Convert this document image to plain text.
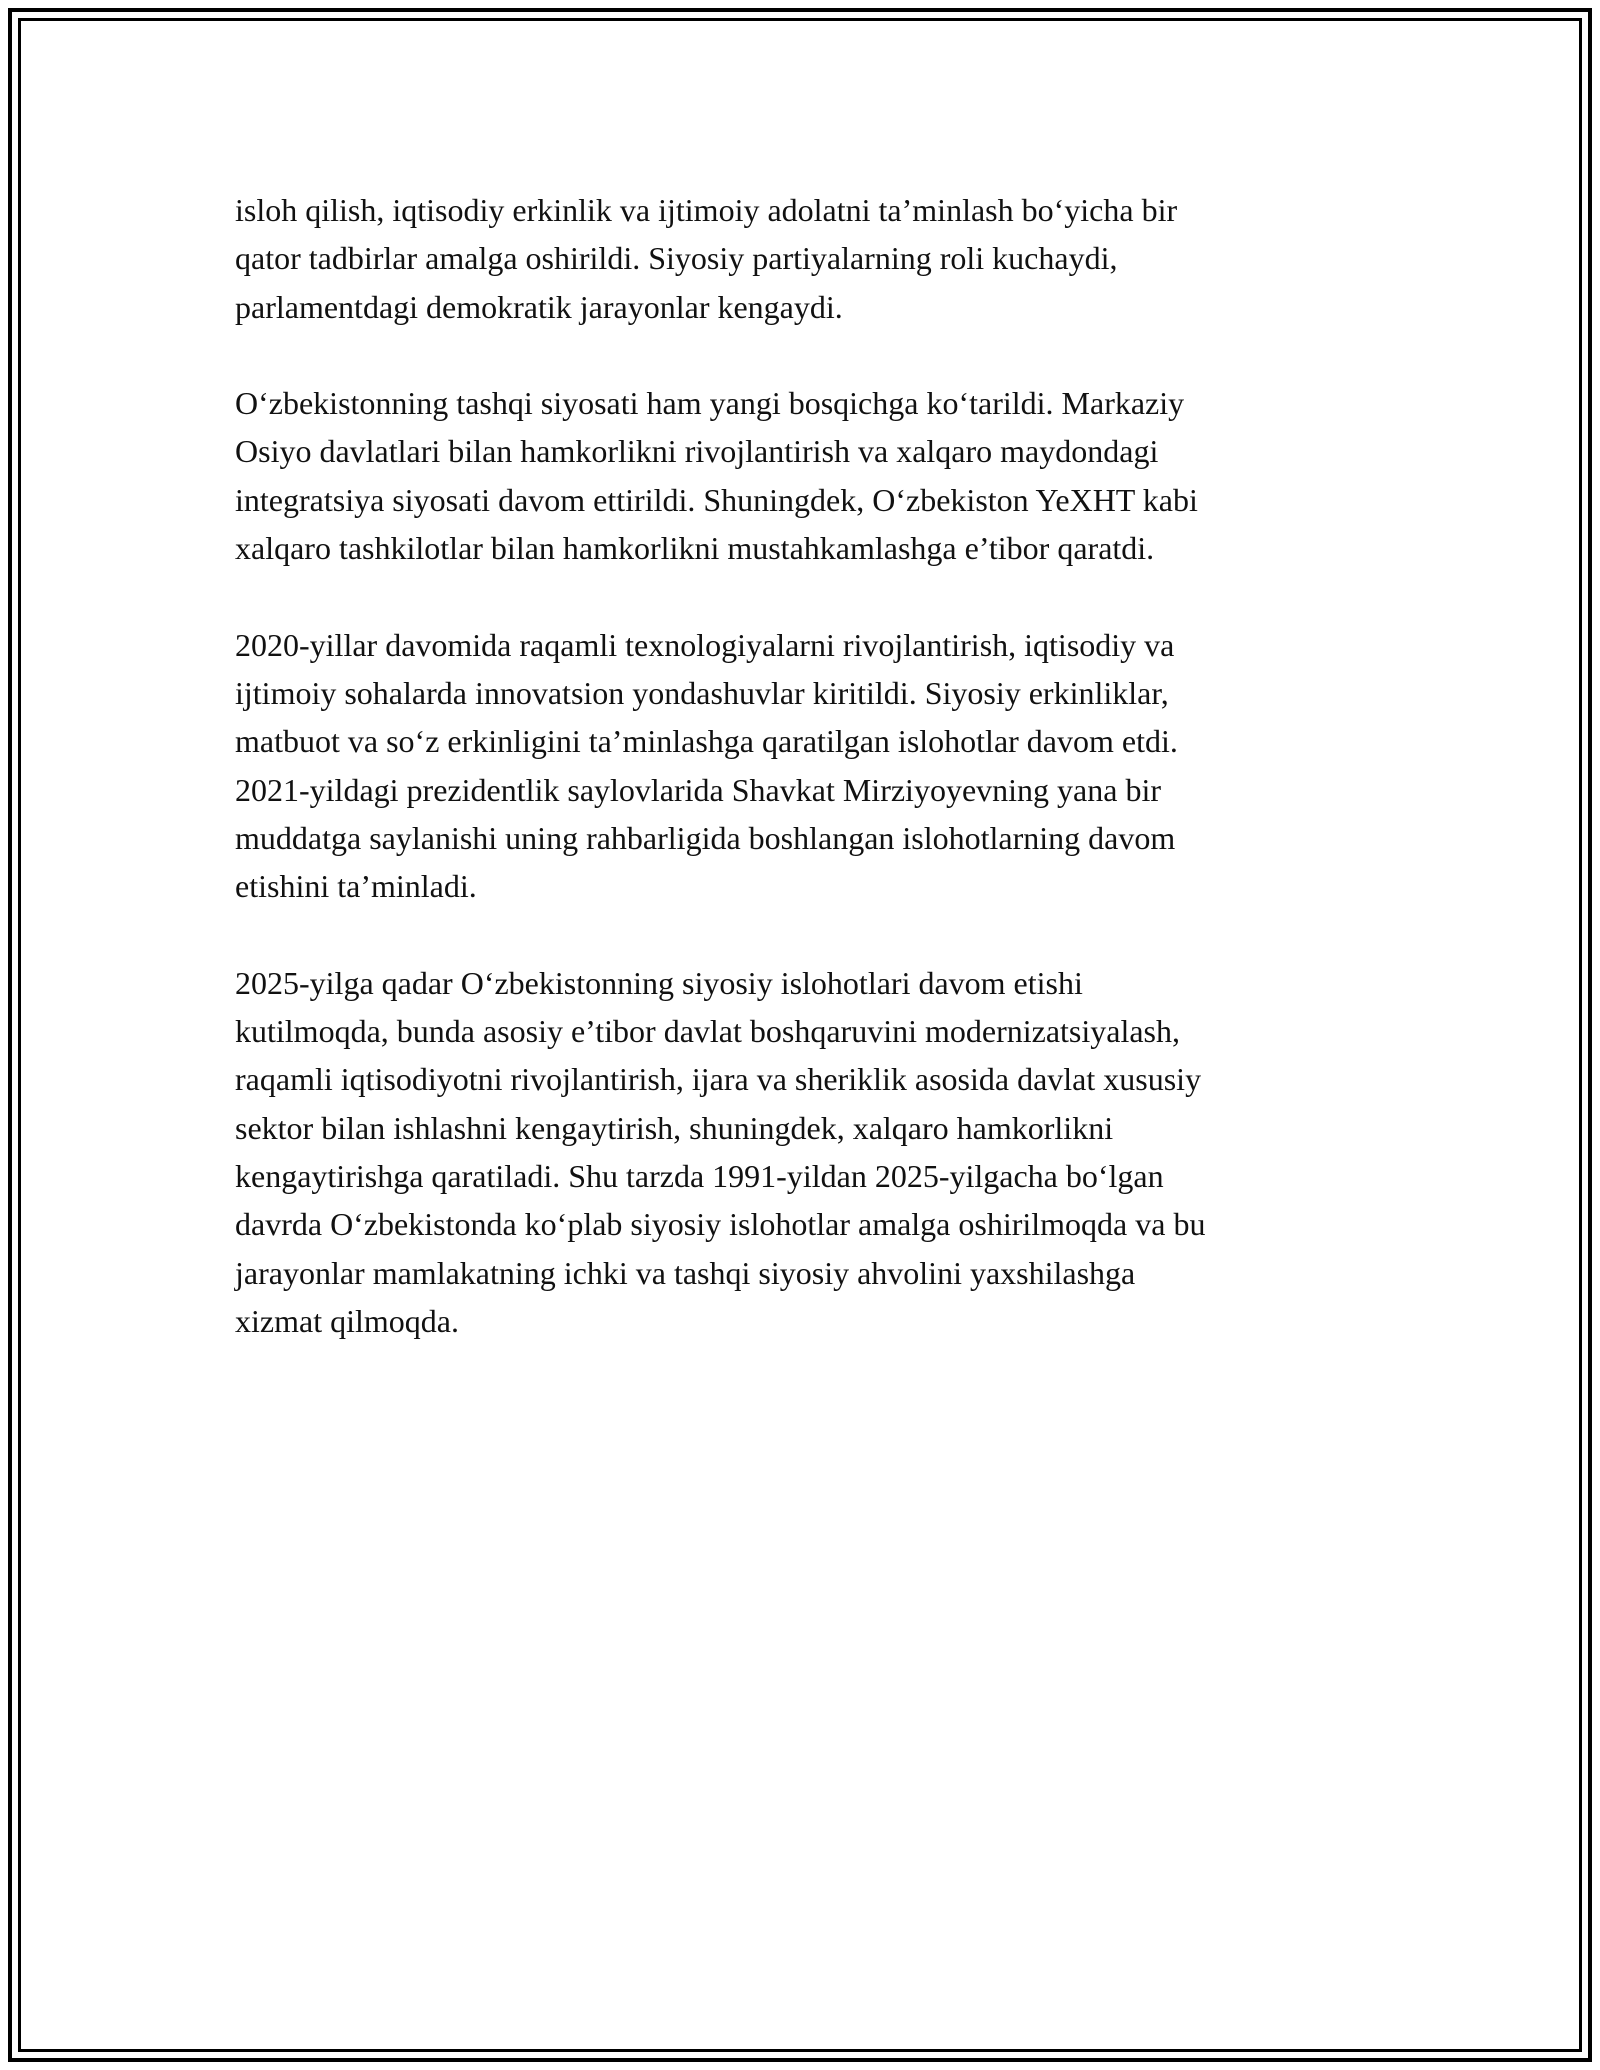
isloh qilish, iqtisodiy erkinlik va ijtimoiy adolatni ta’minlash bo‘yicha bir
qator tadbirlar amalga oshirildi. Siyosiy partiyalarning roli kuchaydi,
parlamentdagi demokratik jarayonlar kengaydi.

O‘zbekistonning tashqi siyosati ham yangi bosqichga ko‘tarildi. Markaziy
Osiyo davlatlari bilan hamkorlikni rivojlantirish va xalqaro maydondagi
integratsiya siyosati davom ettirildi. Shuningdek, O‘zbekiston YeXHT kabi
xalqaro tashkilotlar bilan hamkorlikni mustahkamlashga e’tibor qaratdi.

2020-yillar davomida raqamli texnologiyalarni rivojlantirish, iqtisodiy va
ijtimoiy sohalarda innovatsion yondashuvlar kiritildi. Siyosiy erkinliklar,
matbuot va so‘z erkinligini ta’minlashga qaratilgan islohotlar davom etdi.
2021-yildagi prezidentlik saylovlarida Shavkat Mirziyoyevning yana bir
muddatga saylanishi uning rahbarligida boshlangan islohotlarning davom
etishini ta’minladi.

2025-yilga qadar O‘zbekistonning siyosiy islohotlari davom etishi
kutilmoqda, bunda asosiy e’tibor davlat boshqaruvini modernizatsiyalash,
raqamli iqtisodiyotni rivojlantirish, ijara va sheriklik asosida davlat xususiy
sektor bilan ishlashni kengaytirish, shuningdek, xalqaro hamkorlikni
kengaytirishga qaratiladi. Shu tarzda 1991-yildan 2025-yilgacha bo‘lgan
davrda O‘zbekistonda ko‘plab siyosiy islohotlar amalga oshirilmoqda va bu
jarayonlar mamlakatning ichki va tashqi siyosiy ahvolini yaxshilashga
xizmat qilmoqda.
